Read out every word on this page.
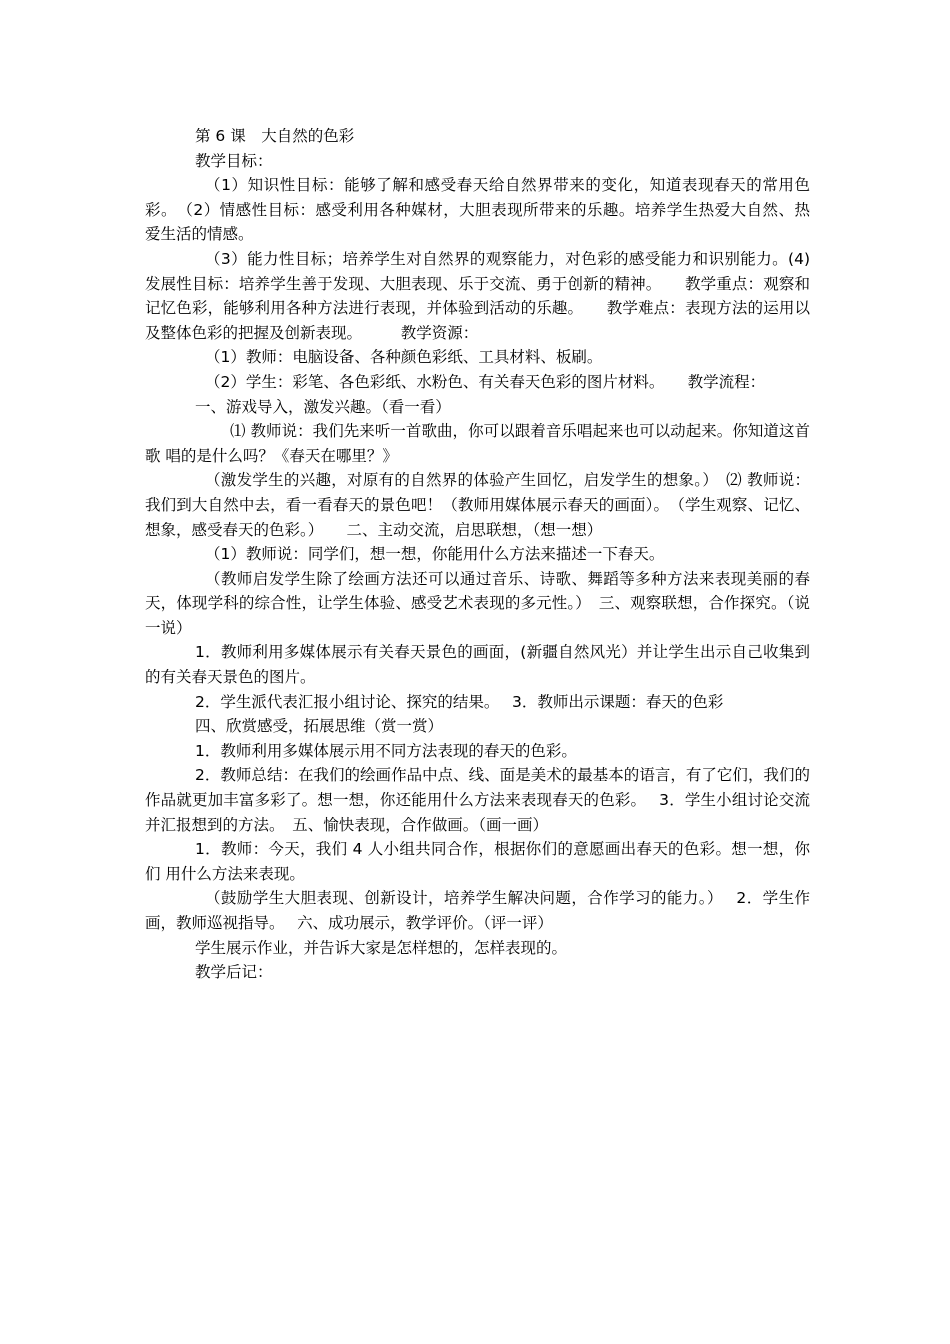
第 6 课　大自然的色彩

教学目标：

（1）知识性目标：能够了解和感受春天给自然界带来的变化，知道表现春天的常用色彩。　（2）情感性目标：感受利用各种媒材，大胆表现所带来的乐趣。培养学生热爱大自然、热 爱生活的情感。

（3）能力性目标；培养学生对自然界的观察能力，对色彩的感受能力和识别能力。(4) 发展性目标：培养学生善于发现、大胆表现、乐于交流、勇于创新的精神。　　教学重点：观察和记忆色彩，能够利用各种方法进行表现，并体验到活动的乐趣。　　教学难点：表现方法的运用以及整体色彩的把握及创新表现。　　　教学资源：

（1）教师：电脑设备、各种颜色彩纸、工具材料、板刷。

（2）学生：彩笔、各色彩纸、水粉色、有关春天色彩的图片材料。　　教学流程：

一、游戏导入，激发兴趣。（看一看）

⑴ 教师说：我们先来听一首歌曲，你可以跟着音乐唱起来也可以动起来。你知道这首歌 唱的是什么吗？《春天在哪里？》

（激发学生的兴趣，对原有的自然界的体验产生回忆，启发学生的想象。）　⑵ 教师说：我们到大自然中去，看一看春天的景色吧！（教师用媒体展示春天的画面）。　（学生观察、记忆、想象，感受春天的色彩。）　　二、主动交流，启思联想，（想一想）

（1）教师说：同学们，想一想，你能用什么方法来描述一下春天。

（教师启发学生除了绘画方法还可以通过音乐、诗歌、舞蹈等多种方法来表现美丽的春天，体现学科的综合性，让学生体验、感受艺术表现的多元性。）　三、观察联想，合作探究。（说一说）

1．教师利用多媒体展示有关春天景色的画面，(新疆自然风光）并让学生出示自己收集到 的有关春天景色的图片。

2．学生派代表汇报小组讨论、探究的结果。　 3．教师出示课题：春天的色彩

四、欣赏感受，拓展思维（赏一赏）

1．教师利用多媒体展示用不同方法表现的春天的色彩。

2．教师总结：在我们的绘画作品中点、线、面是美术的最基本的语言，有了它们，我们的 作品就更加丰富多彩了。想一想，你还能用什么方法来表现春天的色彩。　 3．学生小组讨论交流并汇报想到的方法。　五、愉快表现，合作做画。（画一画）

1．教师：今天，我们 4 人小组共同合作，根据你们的意愿画出春天的色彩。想一想，你们 用什么方法来表现。

（鼓励学生大胆表现、创新设计，培养学生解决问题，合作学习的能力。）　 2．学生作画，教师巡视指导。　 六、成功展示，教学评价。（评一评）

学生展示作业，并告诉大家是怎样想的，怎样表现的。

教学后记：
